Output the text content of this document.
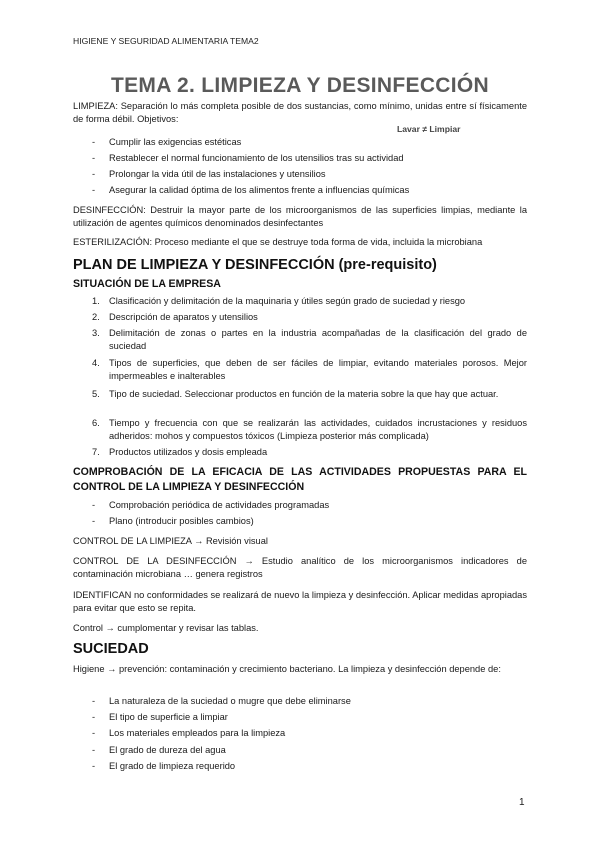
HIGIENE Y SEGURIDAD ALIMENTARIA TEMA2
TEMA 2. LIMPIEZA Y DESINFECCIÓN
LIMPIEZA: Separación lo más completa posible de dos sustancias, como mínimo, unidas entre sí físicamente de forma débil. Objetivos:
Lavar ≠ Limpiar
- Cumplir las exigencias estéticas
- Restablecer el normal funcionamiento de los utensilios tras su actividad
- Prolongar la vida útil de las instalaciones y utensilios
- Asegurar la calidad óptima de los alimentos frente a influencias químicas
DESINFECCIÓN: Destruir la mayor parte de los microorganismos de las superficies limpias, mediante la utilización de agentes químicos denominados desinfectantes
ESTERILIZACIÓN: Proceso mediante el que se destruye toda forma de vida, incluida la microbiana
PLAN DE LIMPIEZA Y DESINFECCIÓN (pre-requisito)
SITUACIÓN DE LA EMPRESA
1. Clasificación y delimitación de la maquinaria y útiles según grado de suciedad y riesgo
2. Descripción de aparatos y utensilios
3. Delimitación de zonas o partes en la industria acompañadas de la clasificación del grado de suciedad
4. Tipos de superficies, que deben de ser fáciles de limpiar, evitando materiales porosos. Mejor impermeables e inalterables
5. Tipo de suciedad. Seleccionar productos en función de la materia sobre la que hay que actuar.
6. Tiempo y frecuencia con que se realizarán las actividades, cuidados incrustaciones y residuos adheridos: mohos y compuestos tóxicos (Limpieza posterior más complicada)
7. Productos utilizados y dosis empleada
COMPROBACIÓN DE LA EFICACIA DE LAS ACTIVIDADES PROPUESTAS PARA EL CONTROL DE LA LIMPIEZA Y DESINFECCIÓN
- Comprobación periódica de actividades programadas
- Plano (introducir posibles cambios)
CONTROL DE LA LIMPIEZA → Revisión visual
CONTROL DE LA DESINFECCIÓN → Estudio analítico de los microorganismos indicadores de contaminación microbiana … genera registros
IDENTIFICAN no conformidades se realizará de nuevo la limpieza y desinfección. Aplicar medidas apropiadas para evitar que esto se repita.
Control → cumplomentar y revisar las tablas.
SUCIEDAD
Higiene → prevención: contaminación y crecimiento bacteriano. La limpieza y desinfección depende de:
- La naturaleza de la suciedad o mugre que debe eliminarse
- El tipo de superficie a limpiar
- Los materiales empleados para la limpieza
- El grado de dureza del agua
- El grado de limpieza requerido
1
